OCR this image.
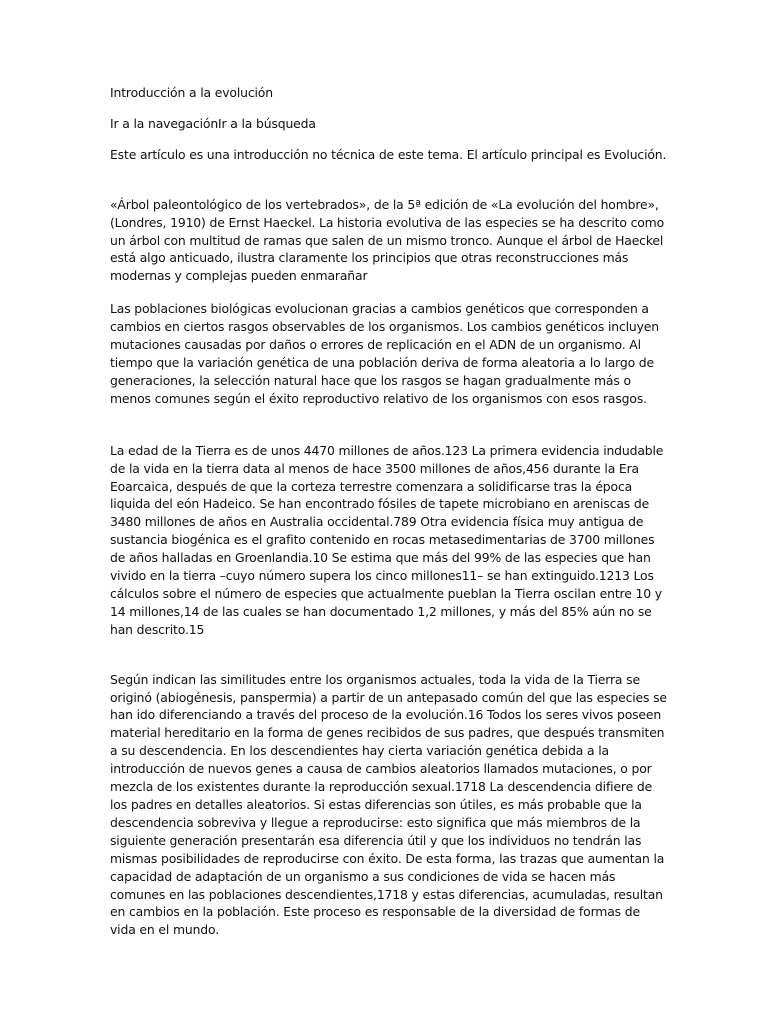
Introducción a la evolución

Ir a la navegaciónIr a la búsqueda

Este artículo es una introducción no técnica de este tema. El artículo principal es Evolución.

«Árbol paleontológico de los vertebrados», de la 5ª edición de «La evolución del hombre», (Londres, 1910) de Ernst Haeckel. La historia evolutiva de las especies se ha descrito como un árbol con multitud de ramas que salen de un mismo tronco. Aunque el árbol de Haeckel está algo anticuado, ilustra claramente los principios que otras reconstrucciones más modernas y complejas pueden enmarañar

Las poblaciones biológicas evolucionan gracias a cambios genéticos que corresponden a cambios en ciertos rasgos observables de los organismos. Los cambios genéticos incluyen mutaciones causadas por daños o errores de replicación en el ADN de un organismo. Al tiempo que la variación genética de una población deriva de forma aleatoria a lo largo de generaciones, la selección natural hace que los rasgos se hagan gradualmente más o menos comunes según el éxito reproductivo relativo de los organismos con esos rasgos.

La edad de la Tierra es de unos 4470 millones de años.123 La primera evidencia indudable de la vida en la tierra data al menos de hace 3500 millones de años,456 durante la Era Eoarcaica, después de que la corteza terrestre comenzara a solidificarse tras la época liquida del eón Hadeico. Se han encontrado fósiles de tapete microbiano en areniscas de 3480 millones de años en Australia occidental.789 Otra evidencia física muy antigua de sustancia biogénica es el grafito contenido en rocas metasedimentarias de 3700 millones de años halladas en Groenlandia.10 Se estima que más del 99% de las especies que han vivido en la tierra –cuyo número supera los cinco millones11– se han extinguido.1213 Los cálculos sobre el número de especies que actualmente pueblan la Tierra oscilan entre 10 y 14 millones,14 de las cuales se han documentado 1,2 millones, y más del 85% aún no se han descrito.15

Según indican las similitudes entre los organismos actuales, toda la vida de la Tierra se originó (abiogénesis, panspermia) a partir de un antepasado común del que las especies se han ido diferenciando a través del proceso de la evolución.16 Todos los seres vivos poseen material hereditario en la forma de genes recibidos de sus padres, que después transmiten a su descendencia. En los descendientes hay cierta variación genética debida a la introducción de nuevos genes a causa de cambios aleatorios llamados mutaciones, o por mezcla de los existentes durante la reproducción sexual.1718 La descendencia difiere de los padres en detalles aleatorios. Si estas diferencias son útiles, es más probable que la descendencia sobreviva y llegue a reproducirse: esto significa que más miembros de la siguiente generación presentarán esa diferencia útil y que los individuos no tendrán las mismas posibilidades de reproducirse con éxito. De esta forma, las trazas que aumentan la capacidad de adaptación de un organismo a sus condiciones de vida se hacen más comunes en las poblaciones descendientes,1718 y estas diferencias, acumuladas, resultan en cambios en la población. Este proceso es responsable de la diversidad de formas de vida en el mundo.
